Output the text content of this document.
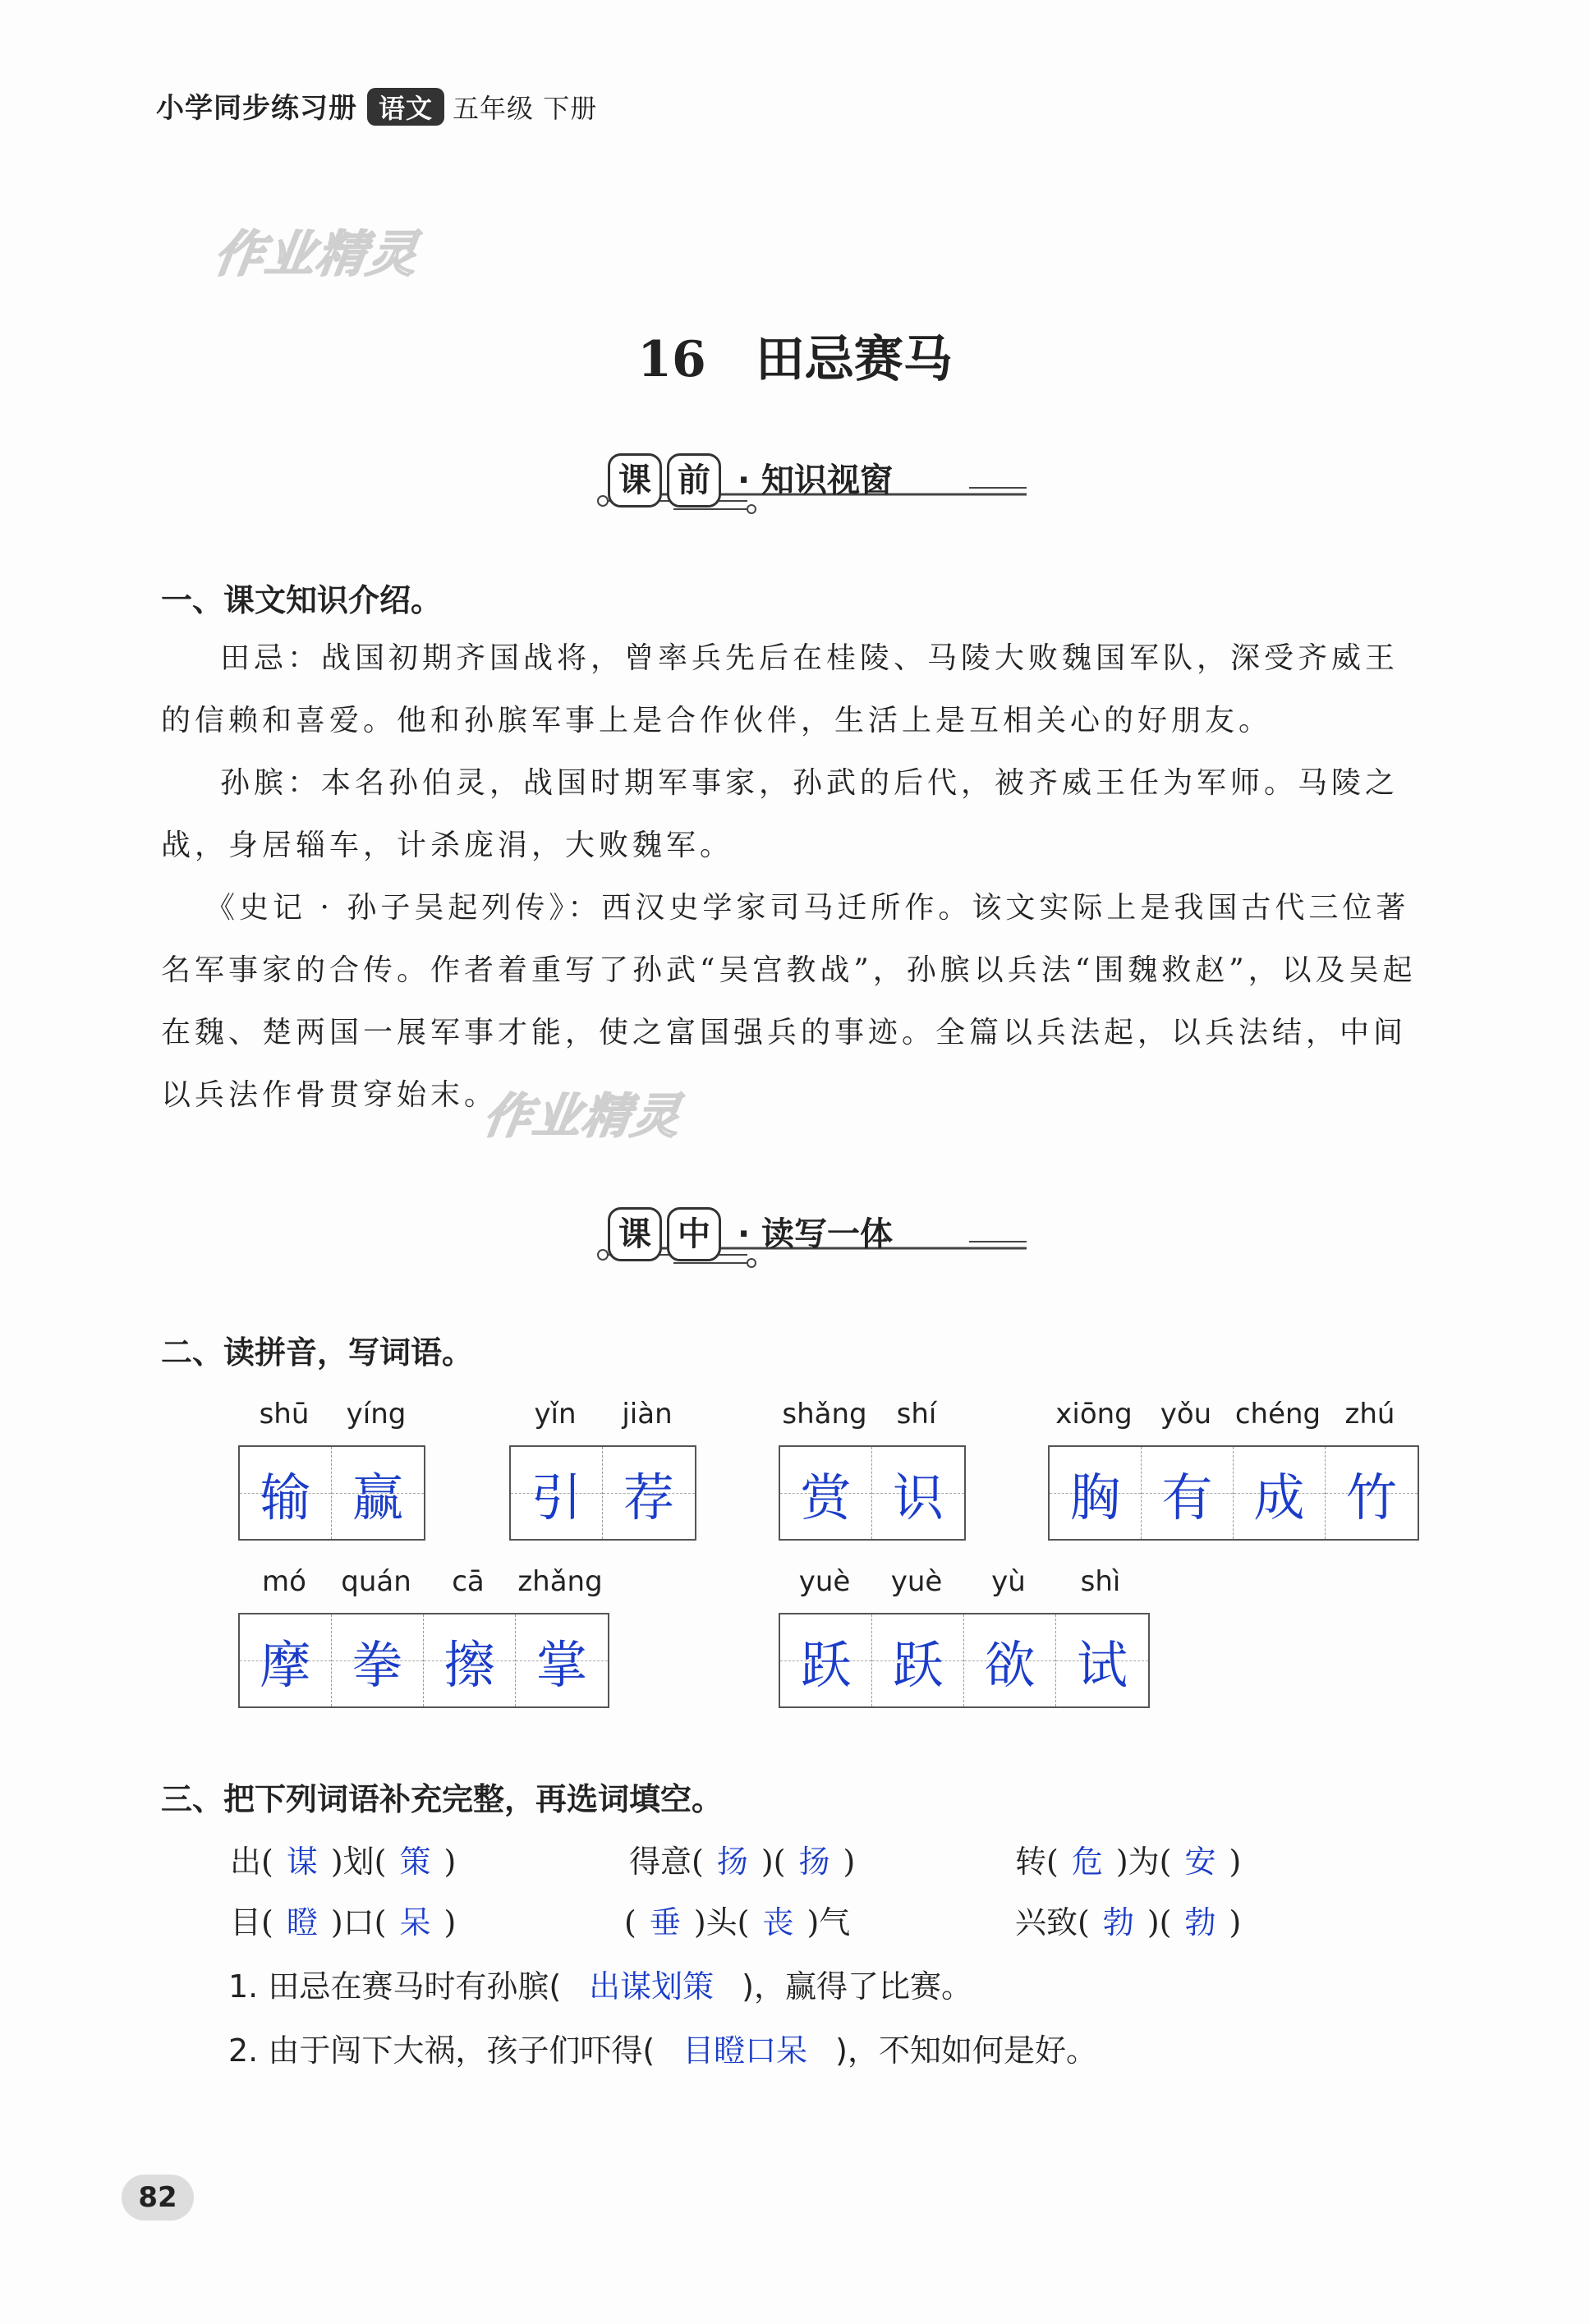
小学同步练习册 语文 五年级 下册
作业精灵
作业精灵
16　田忌赛马
课 前 · 知识视窗
一、课文知识介绍。

田忌：战国初期齐国战将，曾率兵先后在桂陵、马陵大败魏国军队，深受齐威王的信赖和喜爱。他和孙膑军事上是合作伙伴，生活上是互相关心的好朋友。

孙膑：本名孙伯灵，战国时期军事家，孙武的后代，被齐威王任为军师。马陵之战，身居辎车，计杀庞涓，大败魏军。

《史记 · 孙子吴起列传》：西汉史学家司马迁所作。该文实际上是我国古代三位著名军事家的合传。作者着重写了孙武“吴宫教战”，孙膑以兵法“围魏救赵”，以及吴起在魏、楚两国一展军事才能，使之富国强兵的事迹。全篇以兵法起，以兵法结，中间以兵法作骨贯穿始末。

课 中 · 读写一体
二、读拼音，写词语。
shū	yíng
输 赢
yǐn	jiàn
引 荐
shǎng	shí
赏 识
xiōng	yǒu chéng zhú
胸 有 成 竹
mó	quán	cā	zhǎng
摩 拳 擦 掌
yuè	yuè	yù	shì
跃 跃 欲 试
三、把下列词语补充完整，再选词填空。
出( 谋 )划( 策 )	得意( 扬 )( 扬 )	转( 危 )为( 安 )
目( 瞪 )口( 呆 )	( 垂 )头( 丧 )气	兴致( 勃 )( 勃 )
1. 田忌在赛马时有孙膑( 出谋划策 )，赢得了比赛。
2. 由于闯下大祸，孩子们吓得( 目瞪口呆 )，不知如何是好。
82
